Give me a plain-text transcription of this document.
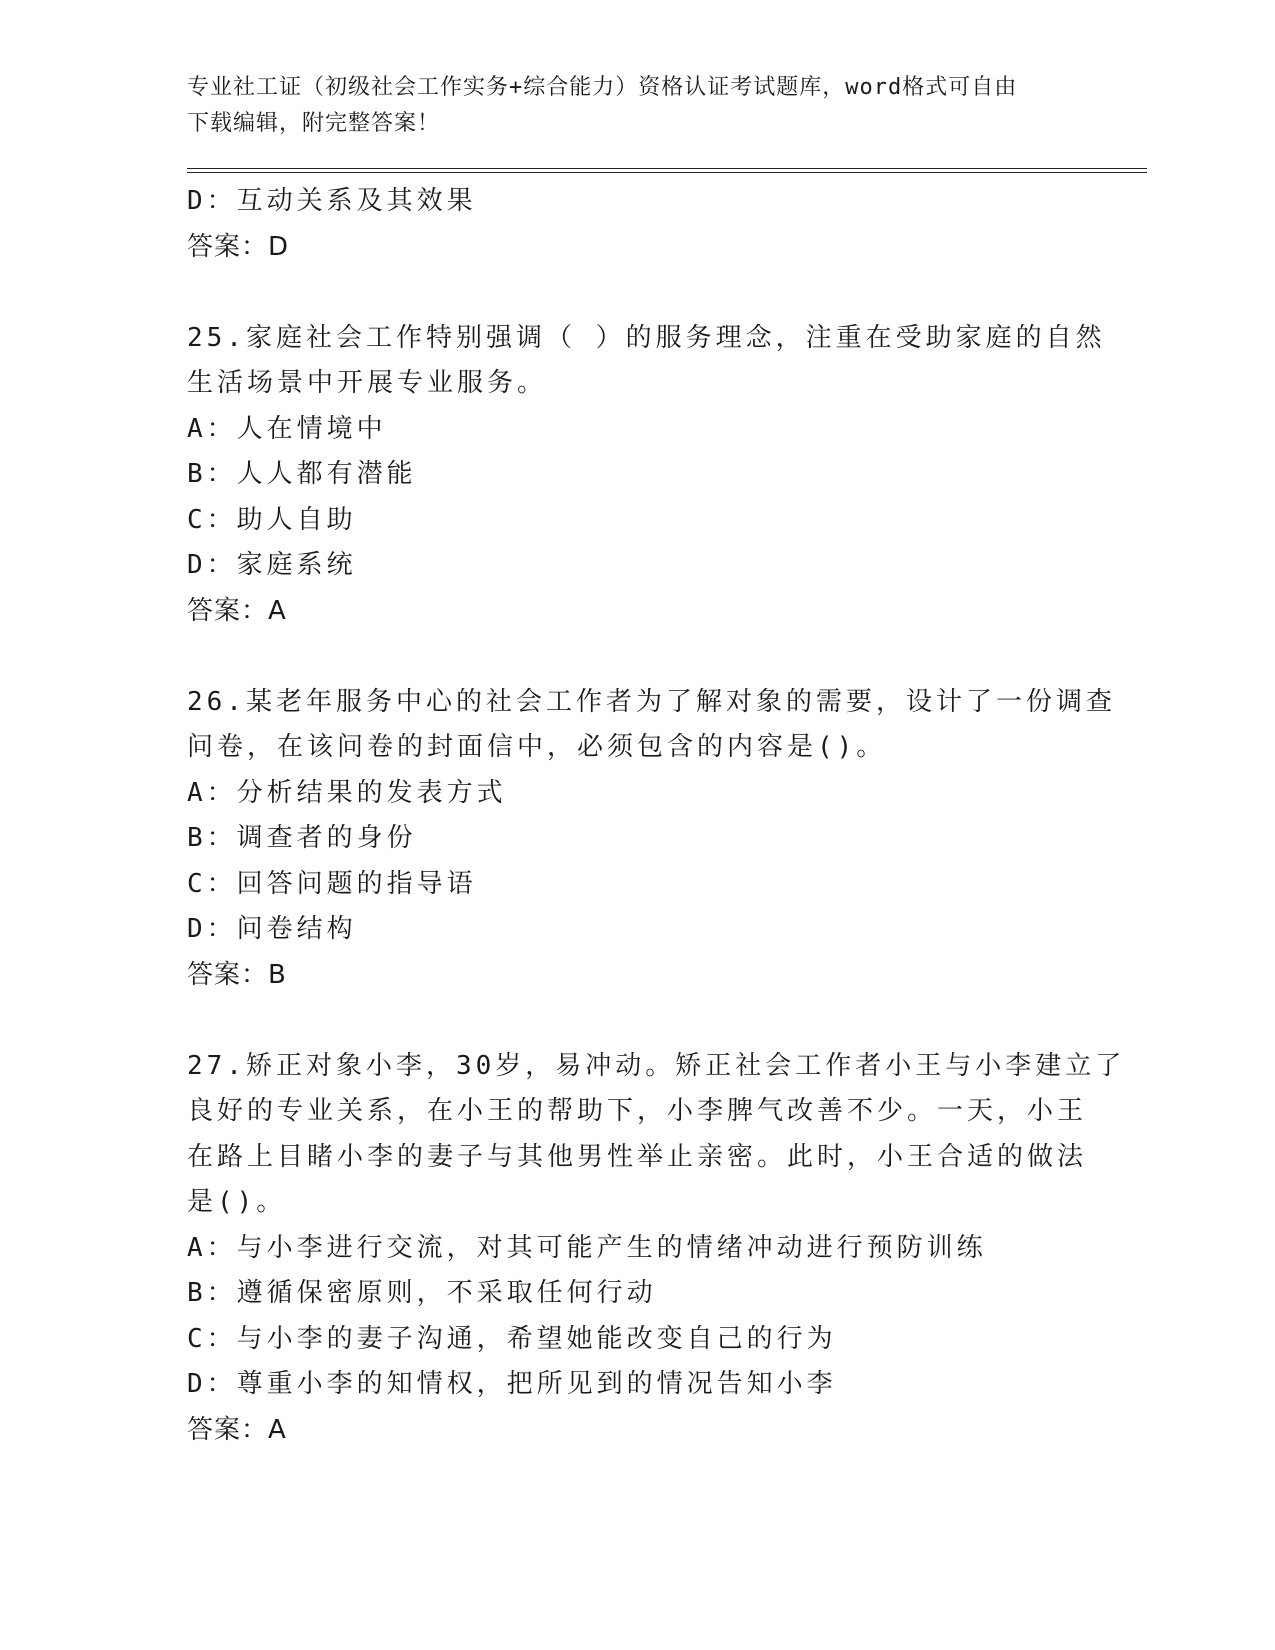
专业社工证（初级社会工作实务+综合能力）资格认证考试题库，word格式可自由
下载编辑，附完整答案！
D：互动关系及其效果
答案：D
25.家庭社会工作特别强调（ ）的服务理念，注重在受助家庭的自然
生活场景中开展专业服务。
A：人在情境中
B：人人都有潜能
C：助人自助
D：家庭系统
答案：A
26.某老年服务中心的社会工作者为了解对象的需要，设计了一份调查
问卷，在该问卷的封面信中，必须包含的内容是()。
A：分析结果的发表方式
B：调查者的身份
C：回答问题的指导语
D：问卷结构
答案：B
27.矫正对象小李，30岁，易冲动。矫正社会工作者小王与小李建立了
良好的专业关系，在小王的帮助下，小李脾气改善不少。一天，小王
在路上目睹小李的妻子与其他男性举止亲密。此时，小王合适的做法
是()。
A：与小李进行交流，对其可能产生的情绪冲动进行预防训练
B：遵循保密原则，不采取任何行动
C：与小李的妻子沟通，希望她能改变自己的行为
D：尊重小李的知情权，把所见到的情况告知小李
答案：A
